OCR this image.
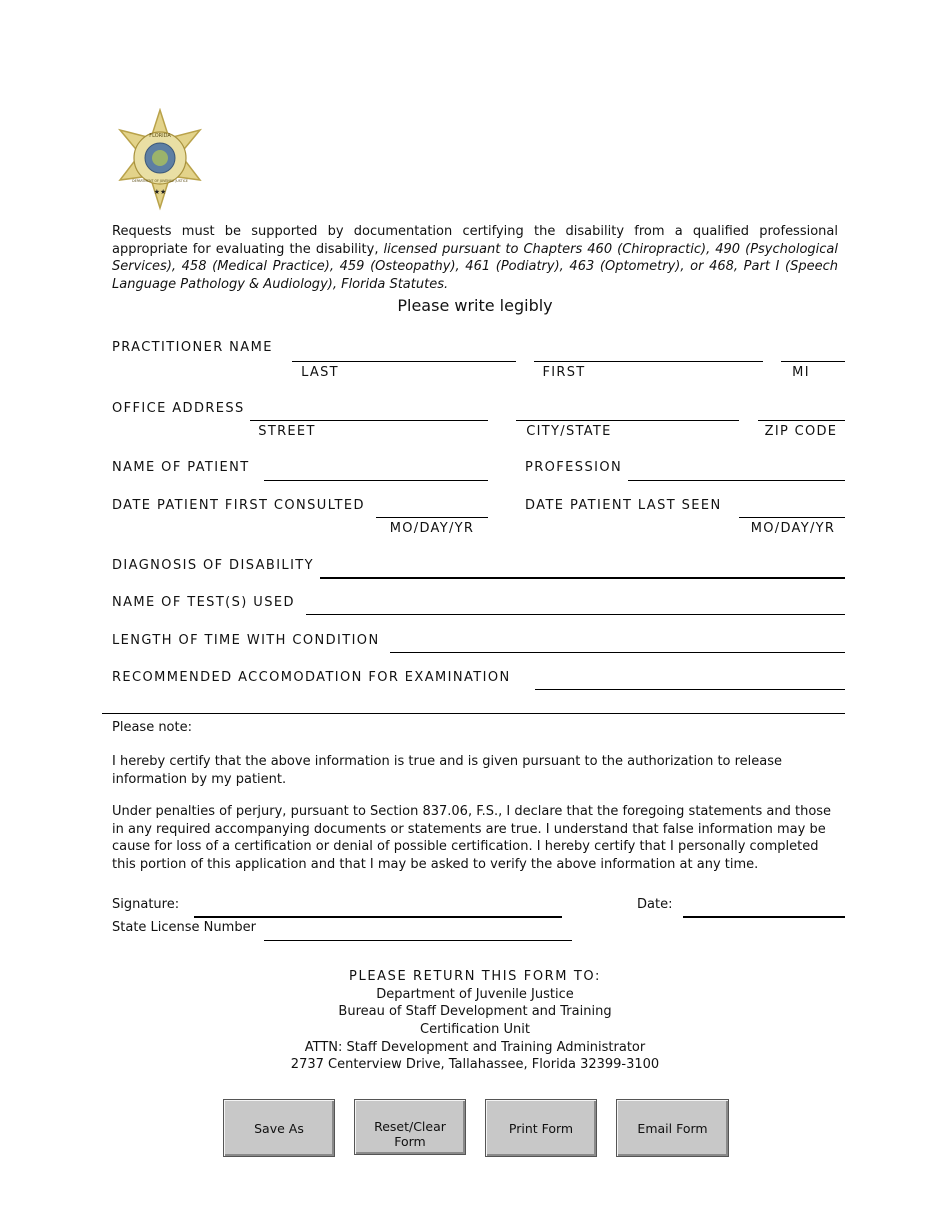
FLORIDA
DEPARTMENT OF JUVENILE JUSTICE
★★
Requests must be supported by documentation certifying the disability from a qualified professional appropriate for evaluating the disability, licensed pursuant to Chapters 460 (Chiropractic), 490 (Psychological Services), 458 (Medical Practice), 459 (Osteopathy), 461 (Podiatry), 463 (Optometry), or 468, Part I (Speech Language Pathology & Audiology), Florida Statutes.
Please write legibly
PRACTITIONER NAME
LAST	FIRST	MI
OFFICE ADDRESS
STREET	CITY/STATE	ZIP CODE
NAME OF PATIENT	PROFESSION
DATE PATIENT FIRST CONSULTED
MO/DAY/YR
DATE PATIENT LAST SEEN
MO/DAY/YR
DIAGNOSIS OF DISABILITY
NAME OF TEST(S) USED
LENGTH OF TIME WITH CONDITION
RECOMMENDED ACCOMODATION FOR EXAMINATION
Please note:
I hereby certify that the above information is true and is given pursuant to the authorization to release information by my patient.
Under penalties of perjury, pursuant to Section 837.06, F.S., I declare that the foregoing statements and those in any required accompanying documents or statements are true. I understand that false information may be cause for loss of a certification or denial of possible certification. I hereby certify that I personally completed this portion of this application and that I may be asked to verify the above information at any time.
Signature:	Date:
State License Number
PLEASE RETURN THIS FORM TO:
Department of Juvenile Justice
Bureau of Staff Development and Training
Certification Unit
ATTN: Staff Development and Training Administrator
2737 Centerview Drive, Tallahassee, Florida 32399-3100
Save As	Reset/Clear Form
Print Form	Email Form
